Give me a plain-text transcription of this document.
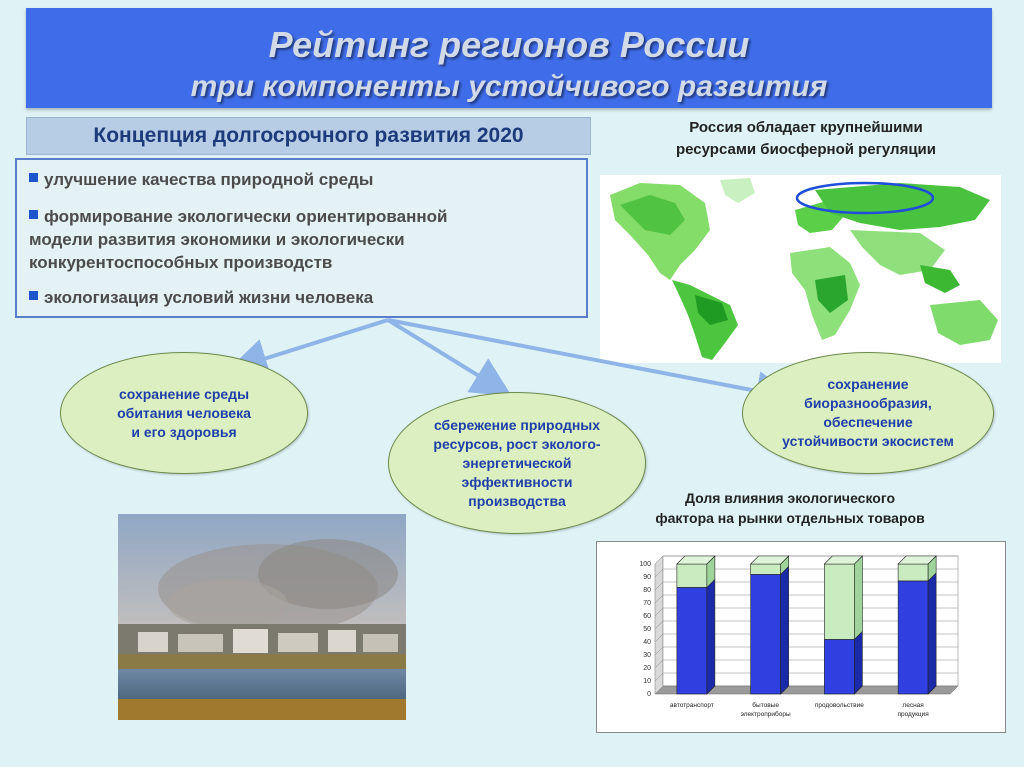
Рейтинг регионов России
три компоненты устойчивого развития
Концепция долгосрочного развития 2020
улучшение качества природной среды
формирование экологически ориентированной
модели развития экономики и экологически
конкурентоспособных производств
экологизация условий жизни человека
Россия обладает крупнейшими
ресурсами биосферной регуляции
сохранение среды
обитания человека
и его здоровья	сбережение природных
ресурсов, рост эколого-
энергетической
эффективности
производства
сохранение
биоразнообразия,
обеспечение
устойчивости экосистем
Доля влияния экологического
фактора на рынки отдельных товаров
0
10
20
30
40
50
60
70
80
90
100
автотранспорт	бытовые
электроприборы
продовольствие	лесная
продукция
